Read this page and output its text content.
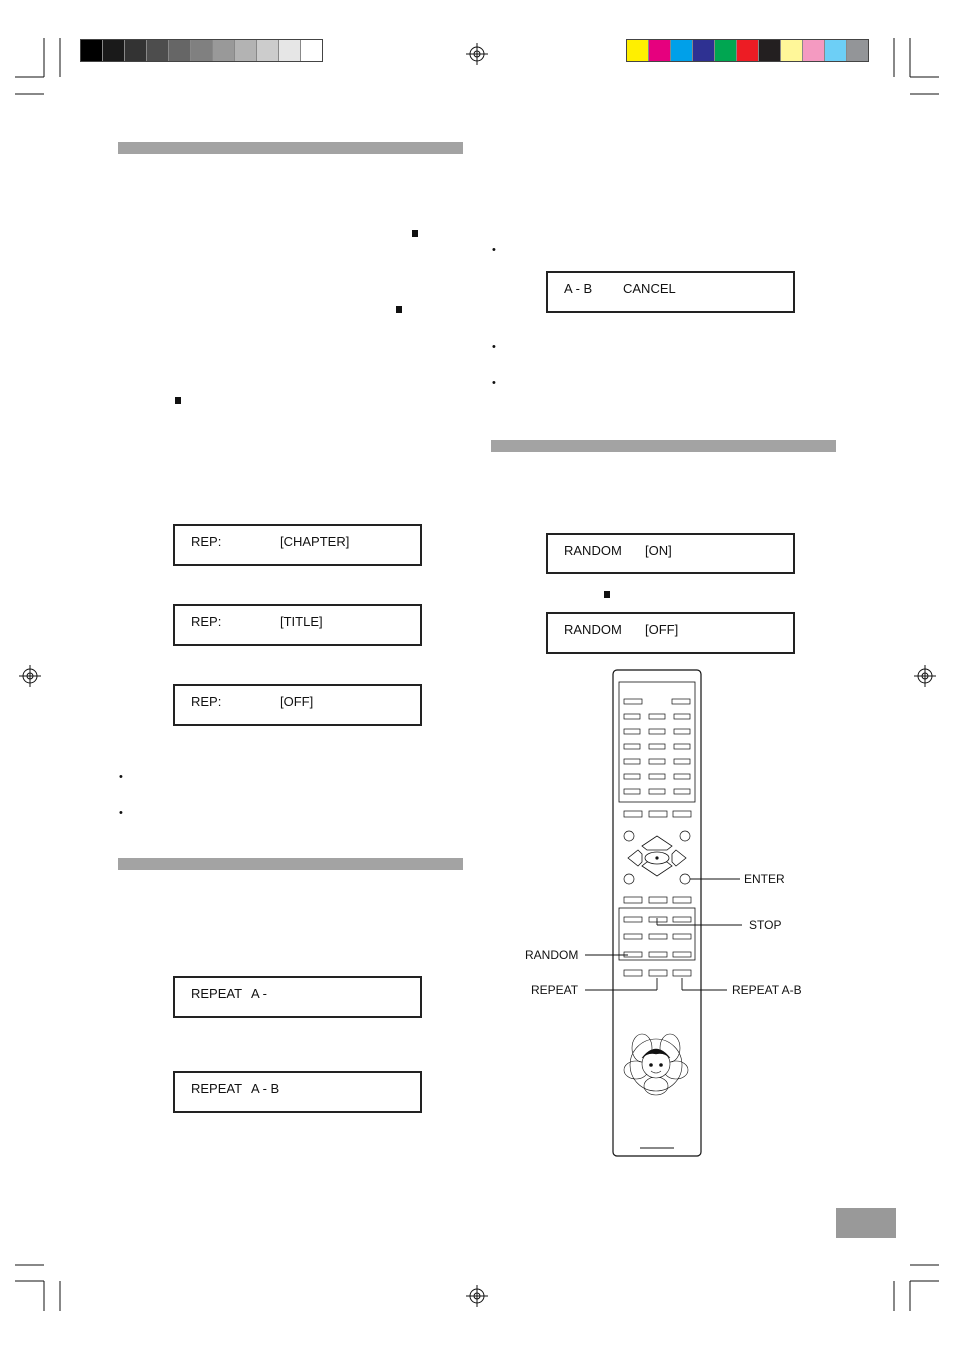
•
•
•
•
•
REP:	[CHAPTER]
REP:	[TITLE]
REP:	[OFF]
REPEAT A -
REPEAT A - B
A - B CANCEL
RANDOM [ON]
RANDOM [OFF]
ENTER
STOP
RANDOM
REPEAT	REPEAT A-B
